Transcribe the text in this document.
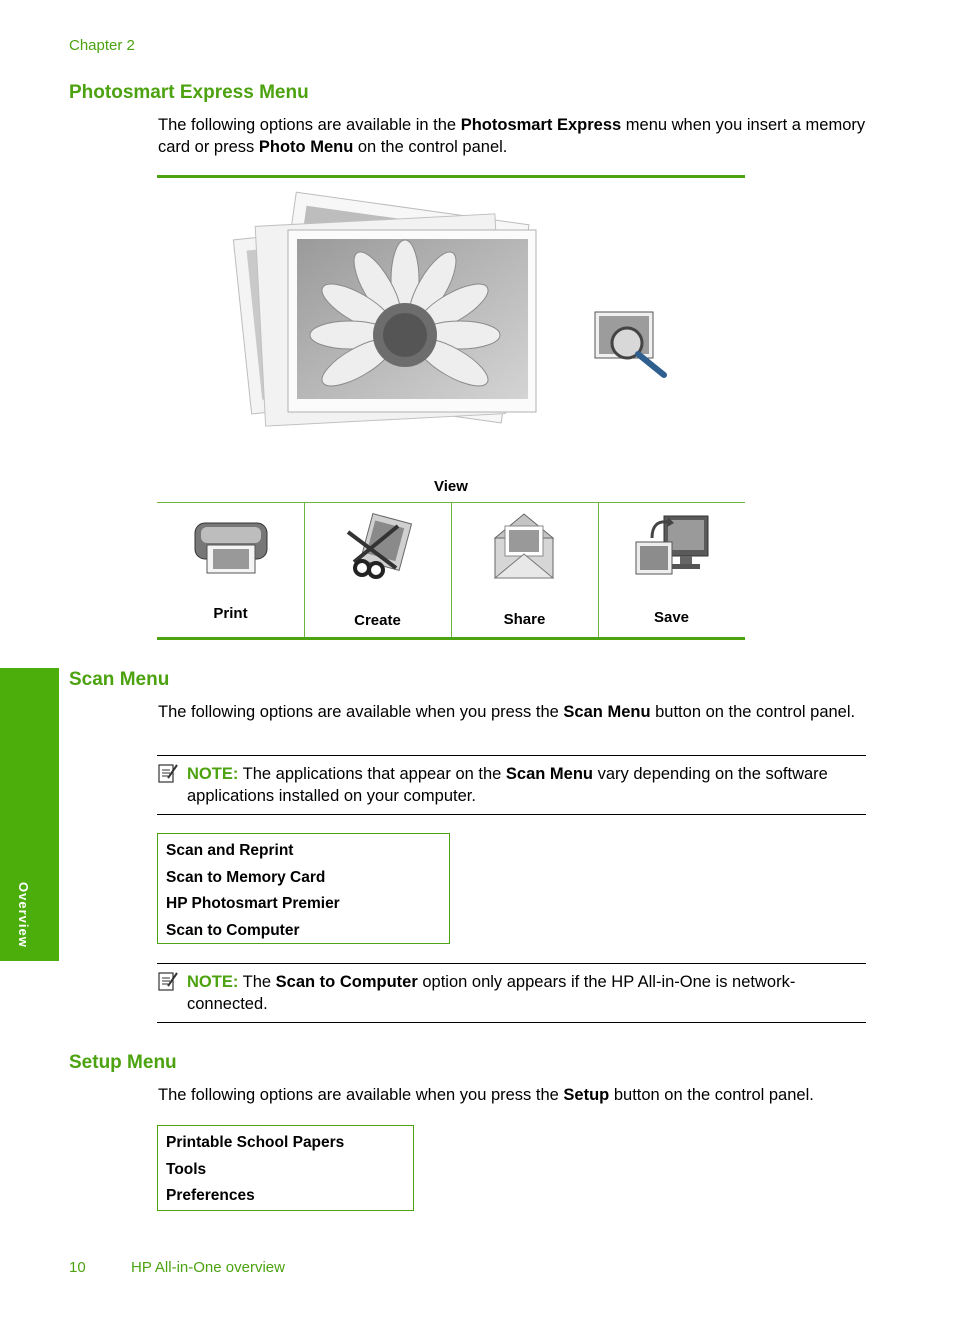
Chapter 2
Photosmart Express Menu
The following options are available in the Photosmart Express menu when you insert a memory card or press Photo Menu on the control panel.
View
Print	Create	Share	Save
Overview
Scan Menu
The following options are available when you press the Scan Menu button on the control panel.
NOTE: The applications that appear on the Scan Menu vary depending on the software applications installed on your computer.
Scan and Reprint
Scan to Memory Card
HP Photosmart Premier
Scan to Computer
NOTE: The Scan to Computer option only appears if the HP All-in-One is network-connected.
Setup Menu
The following options are available when you press the Setup button on the control panel.
Printable School Papers
Tools
Preferences
10	HP All-in-One overview
